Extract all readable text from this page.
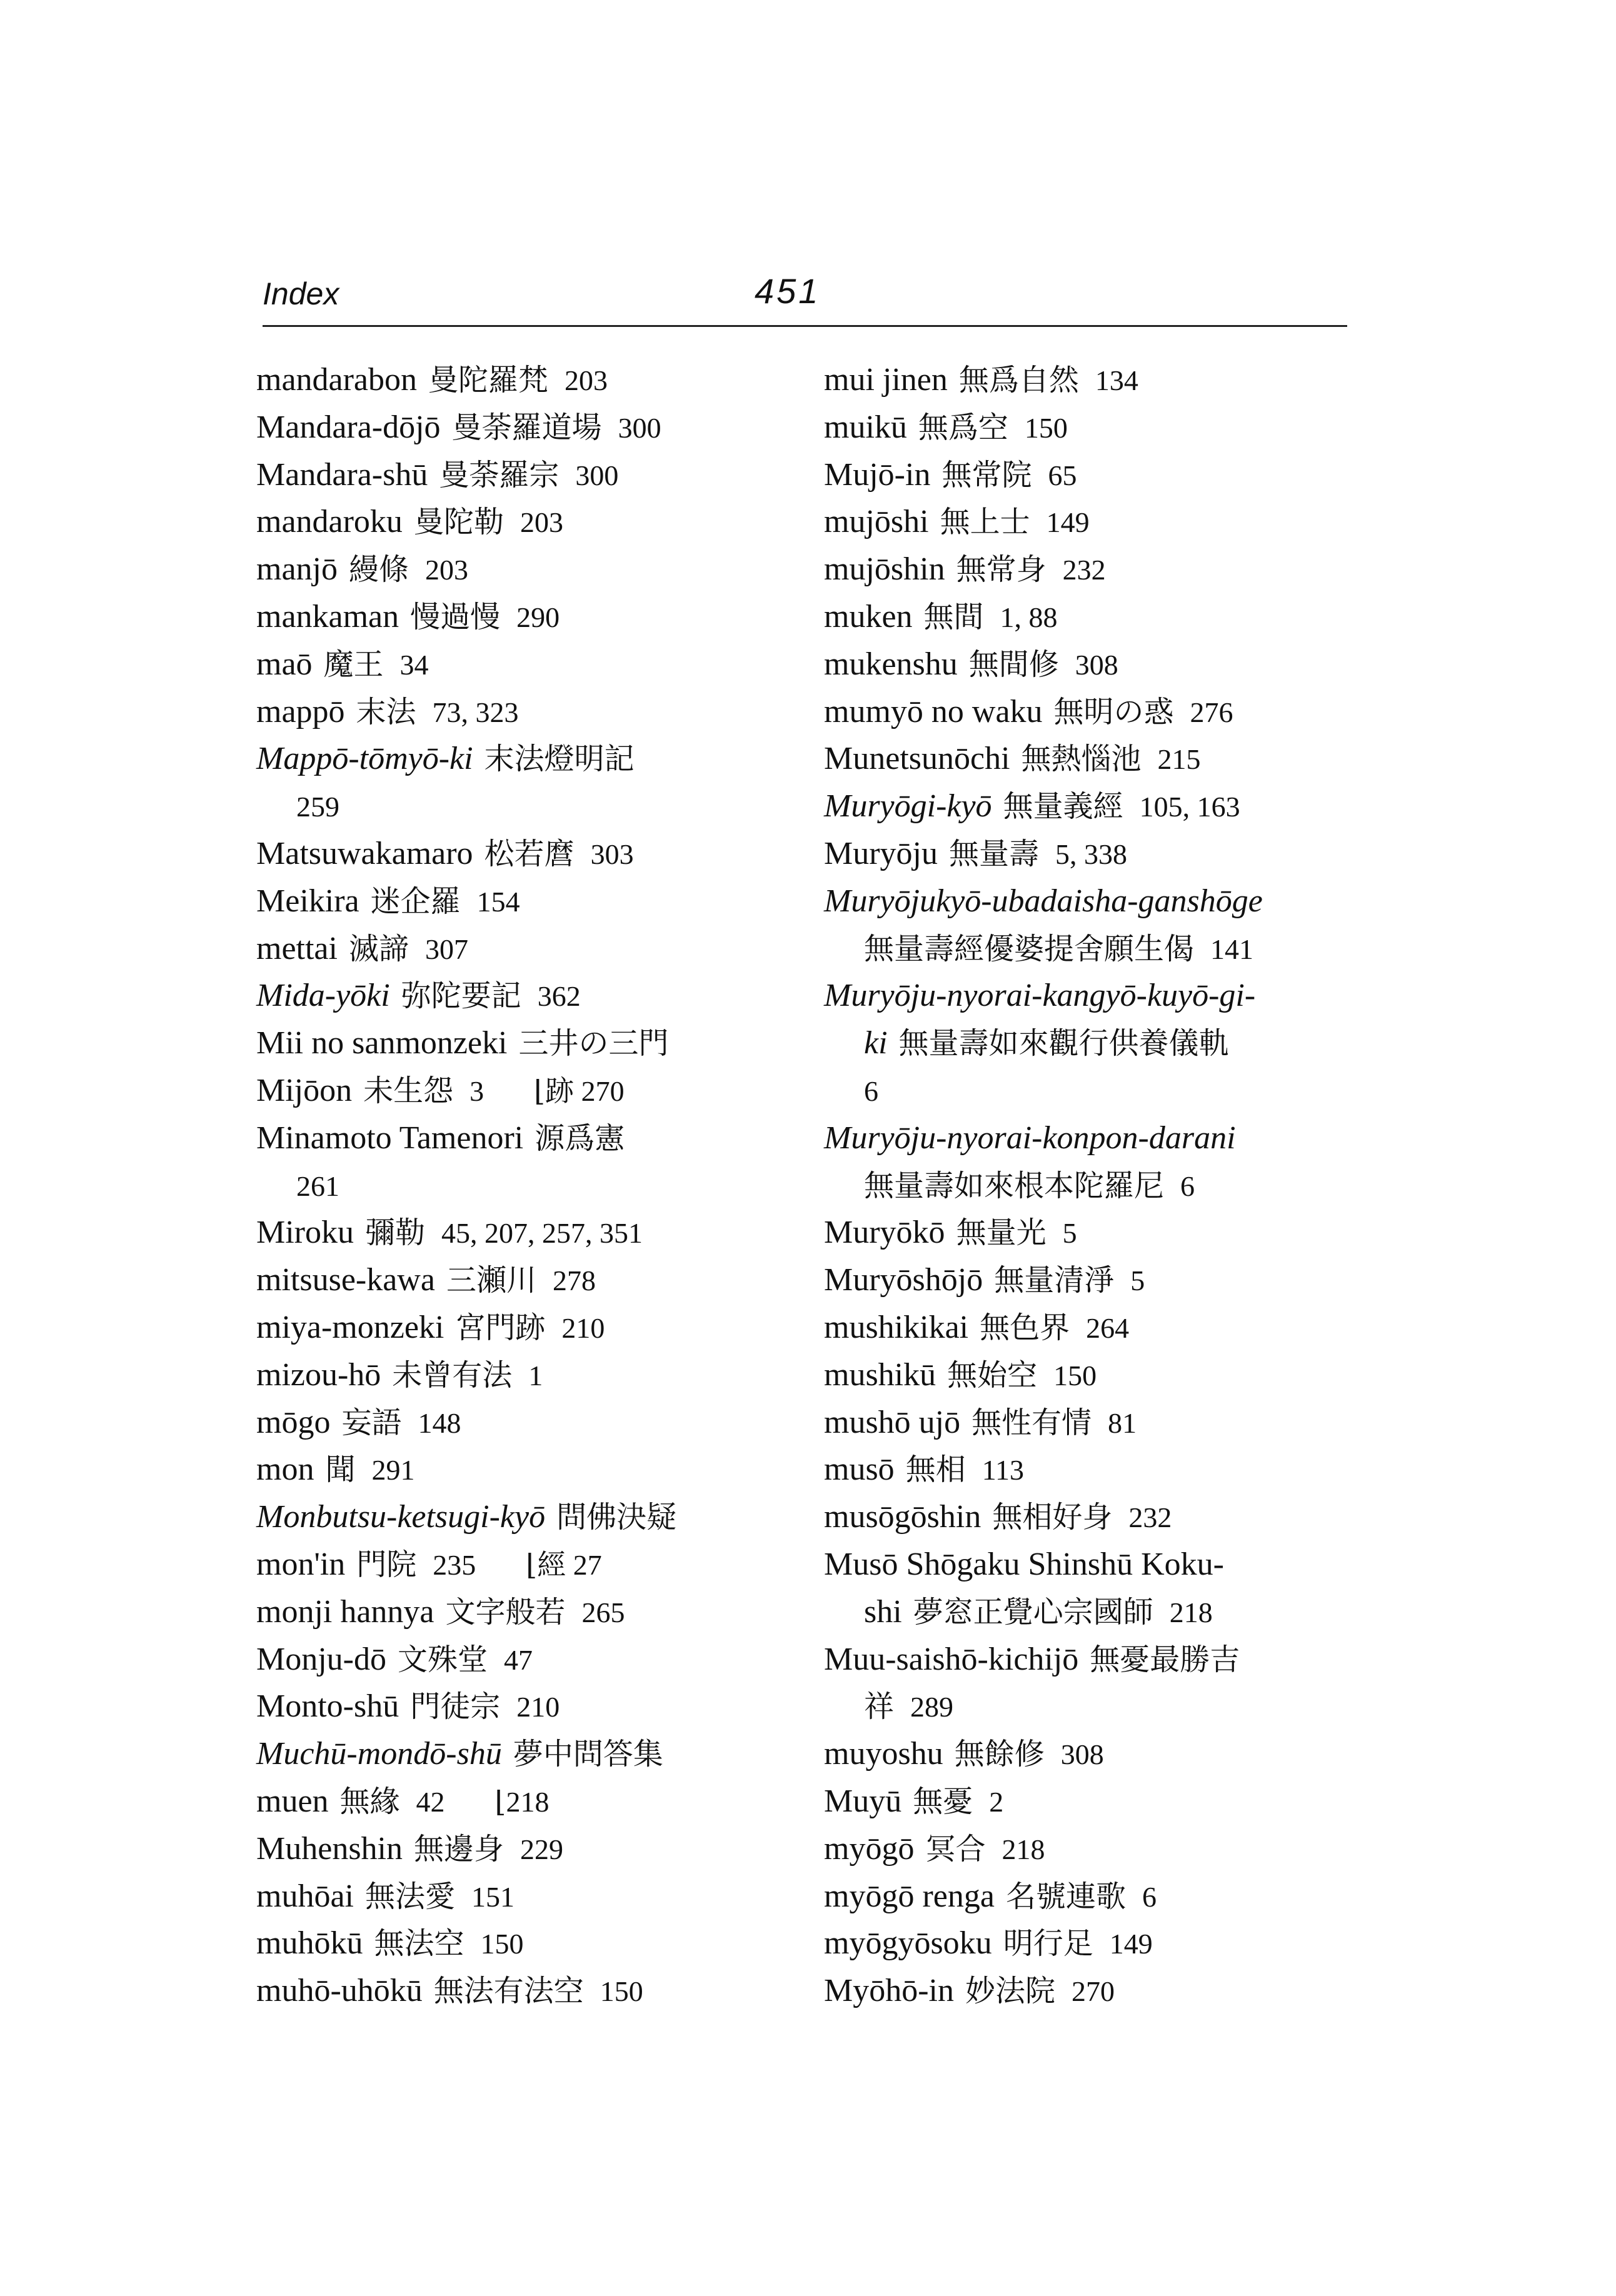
Index	451
mandarabon 曼陀羅梵 203
Mandara-dōjō 曼荼羅道場 300
Mandara-shū 曼荼羅宗 300
mandaroku 曼陀勒 203
manjō 縵條 203
mankaman 慢過慢 290
maō 魔王 34
mappō 末法 73, 323
Mappō-tōmyō-ki 末法燈明記
259
Matsuwakamaro 松若麿 303
Meikira 迷企羅 154
mettai 滅諦 307
Mida-yōki 弥陀要記 362
Mii no sanmonzeki 三井の三門
Mijōon 未生怨 3 ⌊跡 270
Minamoto Tamenori 源爲憲
261
Miroku 彌勒 45, 207, 257, 351
mitsuse-kawa 三瀬川 278
miya-monzeki 宮門跡 210
mizou-hō 未曾有法 1
mōgo 妄語 148
mon 聞 291
Monbutsu-ketsugi-kyō 問佛決疑
mon'in 門院 235 ⌊經 27
monji hannya 文字般若 265
Monju-dō 文殊堂 47
Monto-shū 門徒宗 210
Muchū-mondō-shū 夢中問答集
muen 無緣 42 ⌊218
Muhenshin 無邊身 229
muhōai 無法愛 151
muhōkū 無法空 150
muhō-uhōkū 無法有法空 150
mui jinen 無爲自然 134
muikū 無爲空 150
Mujō-in 無常院 65
mujōshi 無上士 149
mujōshin 無常身 232
muken 無間 1, 88
mukenshu 無間修 308
mumyō no waku 無明の惑 276
Munetsunōchi 無熱惱池 215
Muryōgi-kyō 無量義經 105, 163
Muryōju 無量壽 5, 338
Muryōjukyō-ubadaisha-ganshōge
無量壽經優婆提舍願生偈 141
Muryōju-nyorai-kangyō-kuyō-gi-
ki 無量壽如來觀行供養儀軌
6
Muryōju-nyorai-konpon-darani
無量壽如來根本陀羅尼 6
Muryōkō 無量光 5
Muryōshōjō 無量清淨 5
mushikikai 無色界 264
mushikū 無始空 150
mushō ujō 無性有情 81
musō 無相 113
musōgōshin 無相好身 232
Musō Shōgaku Shinshū Koku-
shi 夢窓正覺心宗國師 218
Muu-saishō-kichijō 無憂最勝吉
祥 289
muyoshu 無餘修 308
Muyū 無憂 2
myōgō 冥合 218
myōgō renga 名號連歌 6
myōgyōsoku 明行足 149
Myōhō-in 妙法院 270
